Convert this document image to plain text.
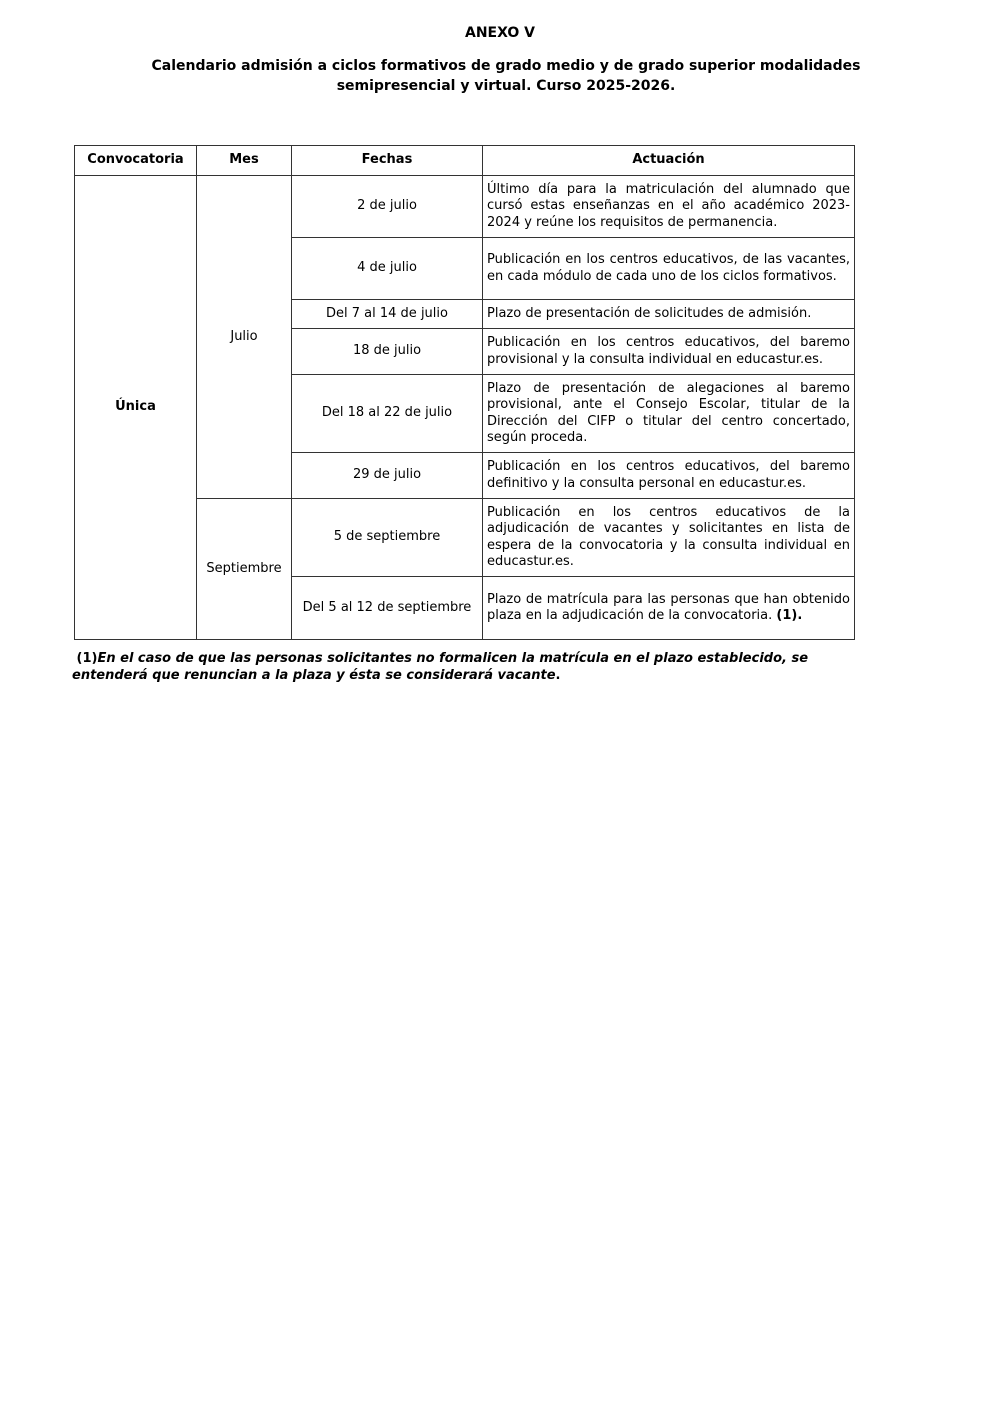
ANEXO V
Calendario admisión a ciclos formativos de grado medio y de grado superior modalidades semipresencial y virtual. Curso 2025-2026.
Convocatoria	Mes	Fechas	Actuación
Única	Julio	2 de julio	Último día para la matriculación del alumnado que cursó estas enseñanzas en el año académico 2023-2024 y reúne los requisitos de permanencia.
		4 de julio	Publicación en los centros educativos, de las vacantes, en cada módulo de cada uno de los ciclos formativos.
		Del 7 al 14 de julio	Plazo de presentación de solicitudes de admisión.
		18 de julio	Publicación en los centros educativos, del baremo provisional y la consulta individual en educastur.es.
		Del 18 al 22 de julio	Plazo de presentación de alegaciones al baremo provisional, ante el Consejo Escolar, titular de la Dirección del CIFP o titular del centro concertado, según proceda.
		29 de julio	Publicación en los centros educativos, del baremo definitivo y la consulta personal en educastur.es.
	Septiembre	5 de septiembre	Publicación en los centros educativos de la adjudicación de vacantes y solicitantes en lista de espera de la convocatoria y la consulta individual en educastur.es.
		Del 5 al 12 de septiembre	Plazo de matrícula para las personas que han obtenido plaza en la adjudicación de la convocatoria. (1).
(1)En el caso de que las personas solicitantes no formalicen la matrícula en el plazo establecido, se entenderá que renuncian a la plaza y ésta se considerará vacante.
